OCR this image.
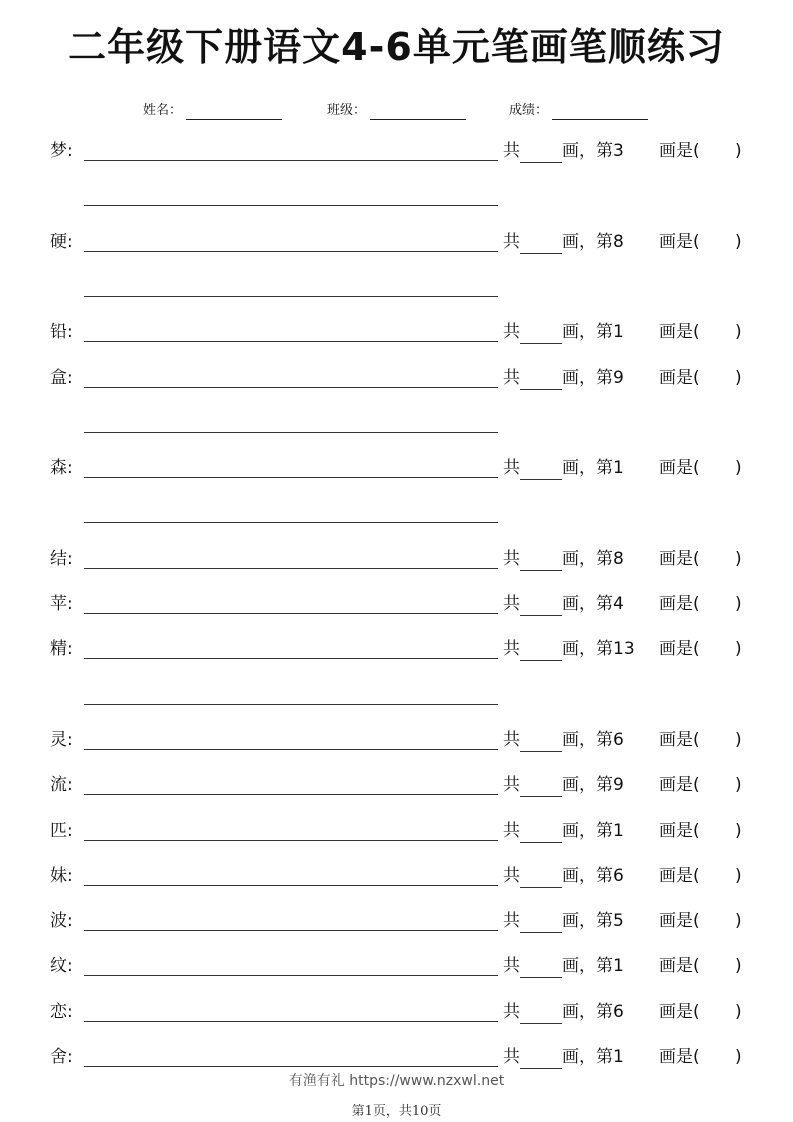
二年级下册语文4-6单元笔画笔顺练习
姓名：	班级：	成绩：
梦 :	共 画，第3 画是( )
硬 :	共 画，第8 画是( )
铅 :	共 画，第1 画是( )
盒 :	共 画，第9 画是( )
森 :	共 画，第1 画是( )
结 :	共 画，第8 画是( )
苹 :	共 画，第4 画是( )
精 :	共 画，第13 画是( )
灵 :	共 画，第6 画是( )
流 :	共 画，第9 画是( )
匹 :	共 画，第1 画是( )
妹 :	共 画，第6 画是( )
波 :	共 画，第5 画是( )
纹 :	共 画，第1 画是( )
恋 :	共 画，第6 画是( )
舍 :	共 画，第1 画是( )
有渔有礼 https://www.nzxwl.net
第1页，共10页
